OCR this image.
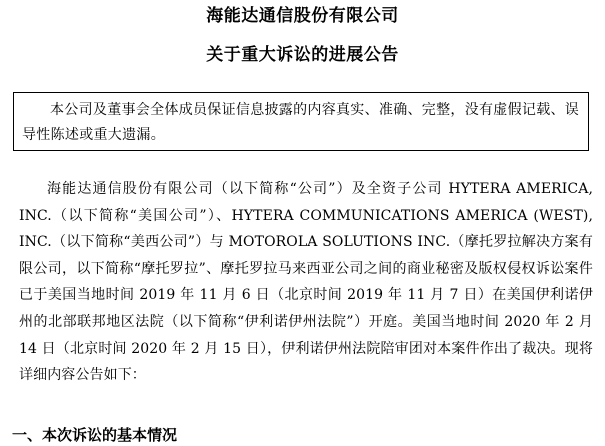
海能达通信股份有限公司
关于重大诉讼的进展公告
本公司及董事会全体成员保证信息披露的内容真实、准确、完整，没有虚假记载、误导性陈述或重大遗漏。
海能达通信股份有限公司（以下简称“公司”）及全资子公司 HYTERA AMERICA, INC.（以下简称“美国公司”）、HYTERA COMMUNICATIONS AMERICA (WEST), INC.（以下简称“美西公司”）与 MOTOROLA SOLUTIONS INC.（摩托罗拉解决方案有限公司，以下简称“摩托罗拉”、摩托罗拉马来西亚公司之间的商业秘密及版权侵权诉讼案件已于美国当地时间 2019 年 11 月 6 日（北京时间 2019 年 11 月 7 日）在美国伊利诺伊州的北部联邦地区法院（以下简称“伊利诺伊州法院”）开庭。美国当地时间 2020 年 2 月 14 日（北京时间 2020 年 2 月 15 日），伊利诺伊州法院陪审团对本案件作出了裁决。现将详细内容公告如下：
一、本次诉讼的基本情况
